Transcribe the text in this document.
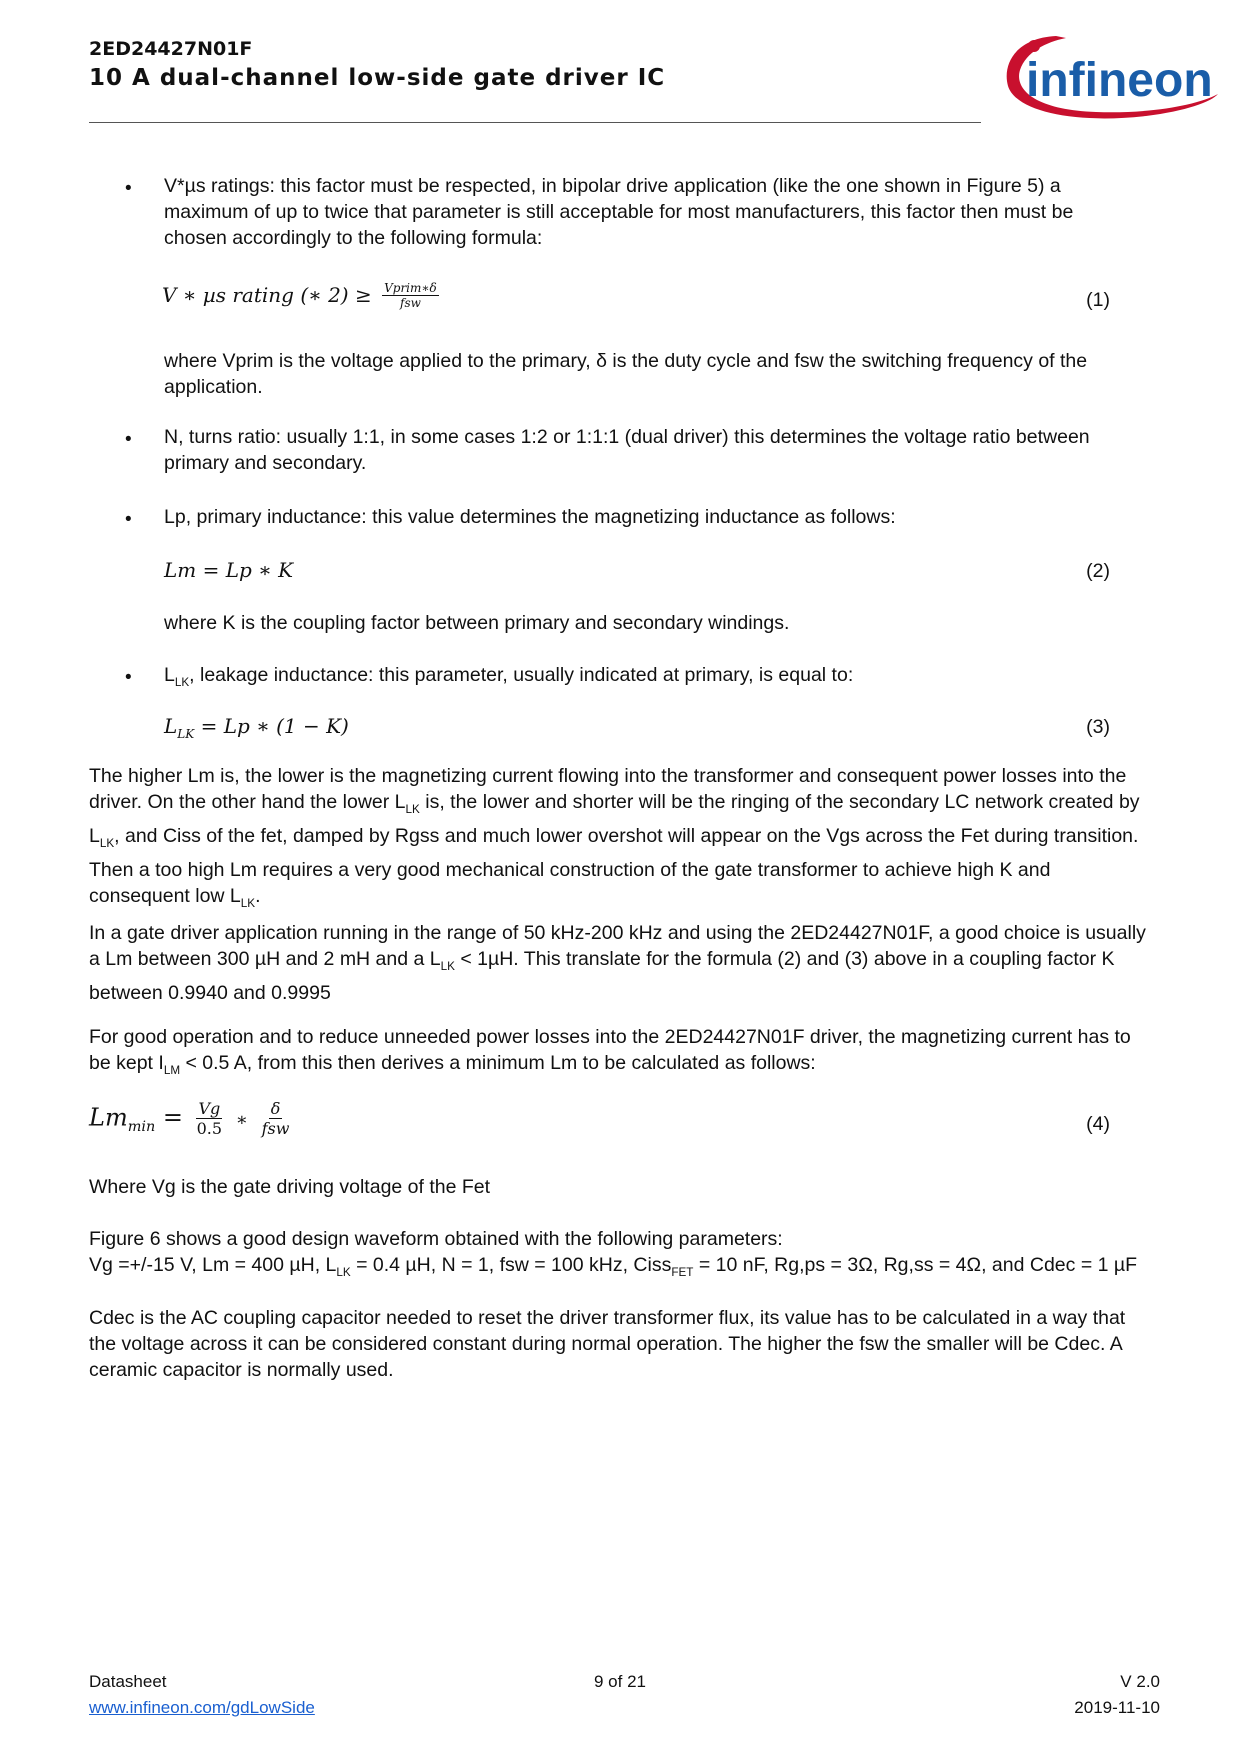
2ED24427N01F
10 A dual-channel low-side gate driver IC	infineon
• V*µs ratings: this factor must be respected, in bipolar drive application (like the one shown in Figure 5) a maximum of up to twice that parameter is still acceptable for most manufacturers, this factor then must be chosen accordingly to the following formula:
V ∗ µs rating (∗ $2) \ge \frac{\text{Vprim∗δ}}{\text{fsw}}$	(1)
where Vprim is the voltage applied to the primary, δ is the duty cycle and fsw the switching frequency of the application.
• N, turns ratio: usually 1:1, in some cases 1:2 or 1:1:1 (dual driver) this determines the voltage ratio between primary and secondary.
• Lp, primary inductance: this value determines the magnetizing inductance as follows:
Lm = Lp ∗ K	(2)
where K is the coupling factor between primary and secondary windings.
• $L_{LK}$, leakage inductance: this parameter, usually indicated at primary, is equal to:
$L_{LK} = Lp$ ∗ (1 − K)	(3)
The higher Lm is, the lower is the magnetizing current flowing into the transformer and consequent power losses into the driver. On the other hand the lower $L_{LK}$ is, the lower and shorter will be the ringing of the secondary LC network created by $L_{LK}$, and Ciss of the fet, damped by Rgss and much lower overshot will appear on the Vgs across the Fet during transition. Then a too high Lm requires a very good mechanical construction of the gate transformer to achieve high K and consequent low $L_{LK}$.
In a gate driver application running in the range of 50 kHz-200 kHz and using the 2ED24427N01F, a good choice is usually a Lm between 300 µH and 2 mH and a $L_{LK} < 1\mu H$. This translate for the formula (2) and (3) above in a coupling factor K between 0.9940 and 0.9995
For good operation and to reduce unneeded power losses into the 2ED24427N01F driver, the magnetizing current has to be kept $I_{LM} < 0.5$ A, from this then derives a minimum Lm to be calculated as follows:
$Lm_{min} = \frac{Vg}{0.5}$ ∗ $\frac{\delta}{\text{fsw}}$	(4)
Where Vg is the gate driving voltage of the Fet
Figure 6 shows a good design waveform obtained with the following parameters:
Vg =+/-15 V, Lm = 400 µH, $L_{LK} = 0.4$ µH, N = 1, fsw = 100 kHz, Ciss$_{FET}$ = 10 nF, Rg,ps = 3Ω, Rg,ss = 4Ω, and Cdec = 1 µF
Cdec is the AC coupling capacitor needed to reset the driver transformer flux, its value has to be calculated in a way that the voltage across it can be considered constant during normal operation. The higher the fsw the smaller will be Cdec. A ceramic capacitor is normally used.
Datasheet
www.infineon.com/gdLowSide
9 of 21	V 2.0
2019-11-10
